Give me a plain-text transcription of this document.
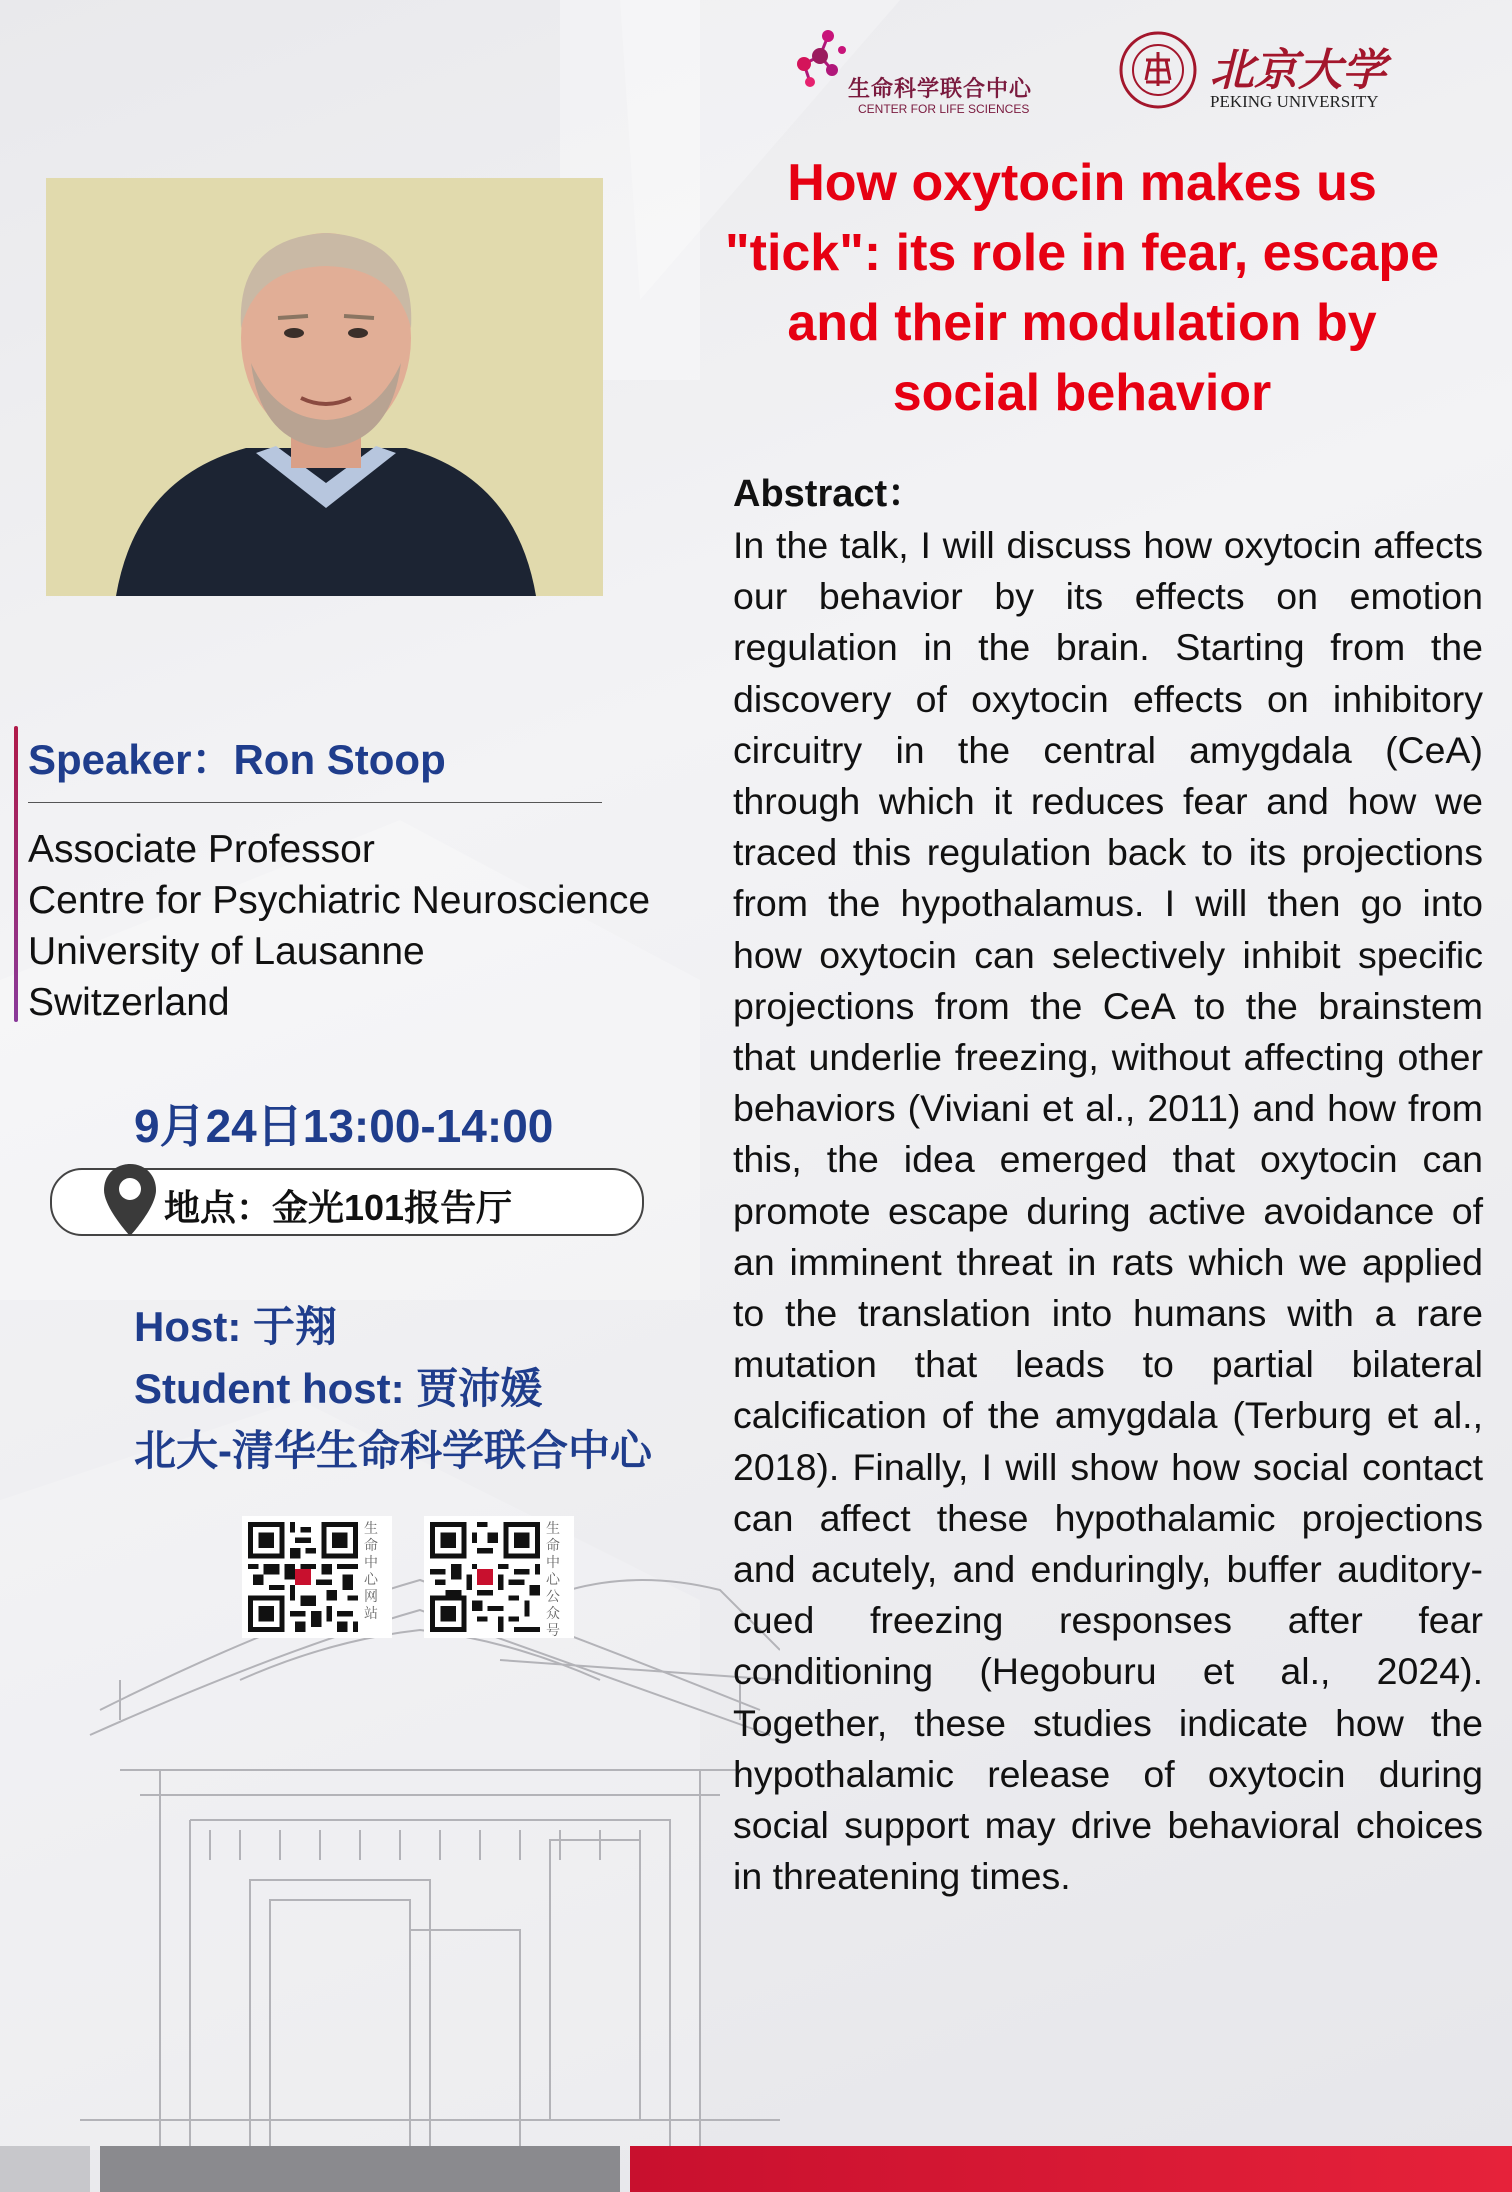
生命科学联合中心
CENTER FOR LIFE SCIENCES
北京大学
PEKING UNIVERSITY
How oxytocin makes us
"tick": its role in fear, escape
and their modulation by
social behavior
Speaker：Ron Stoop
Associate Professor
Centre for Psychiatric Neuroscience
University of Lausanne
Switzerland
9月24日13:00-14:00
地点：金光101报告厅
Host: 于翔
Student host: 贾沛媛
北大-清华生命科学联合中心
生命中心网站
生命中心公众号
Abstract：
In the talk, I will discuss how oxytocin affects our behavior by its effects on emotion regulation in the brain. Starting from the discovery of oxytocin effects on inhibitory circuitry in the central amygdala (CeA) through which it reduces fear and how we traced this regulation back to its projections from the hypothalamus. I will then go into how oxytocin can selectively inhibit specific projections from the CeA to the brainstem that underlie freezing, without affecting other behaviors (Viviani et al., 2011) and how from this, the idea emerged that oxytocin can promote escape during active avoidance of an imminent threat in rats which we applied to the translation into humans with a rare mutation that leads to partial bilateral calcification of the amygdala (Terburg et al., 2018). Finally, I will show how social contact can affect these hypothalamic projections and acutely, and enduringly, buffer auditory-cued freezing responses after fear conditioning (Hegoburu et al., 2024). Together, these studies indicate how the hypothalamic release of oxytocin during social support may drive behavioral choices in threatening times.
